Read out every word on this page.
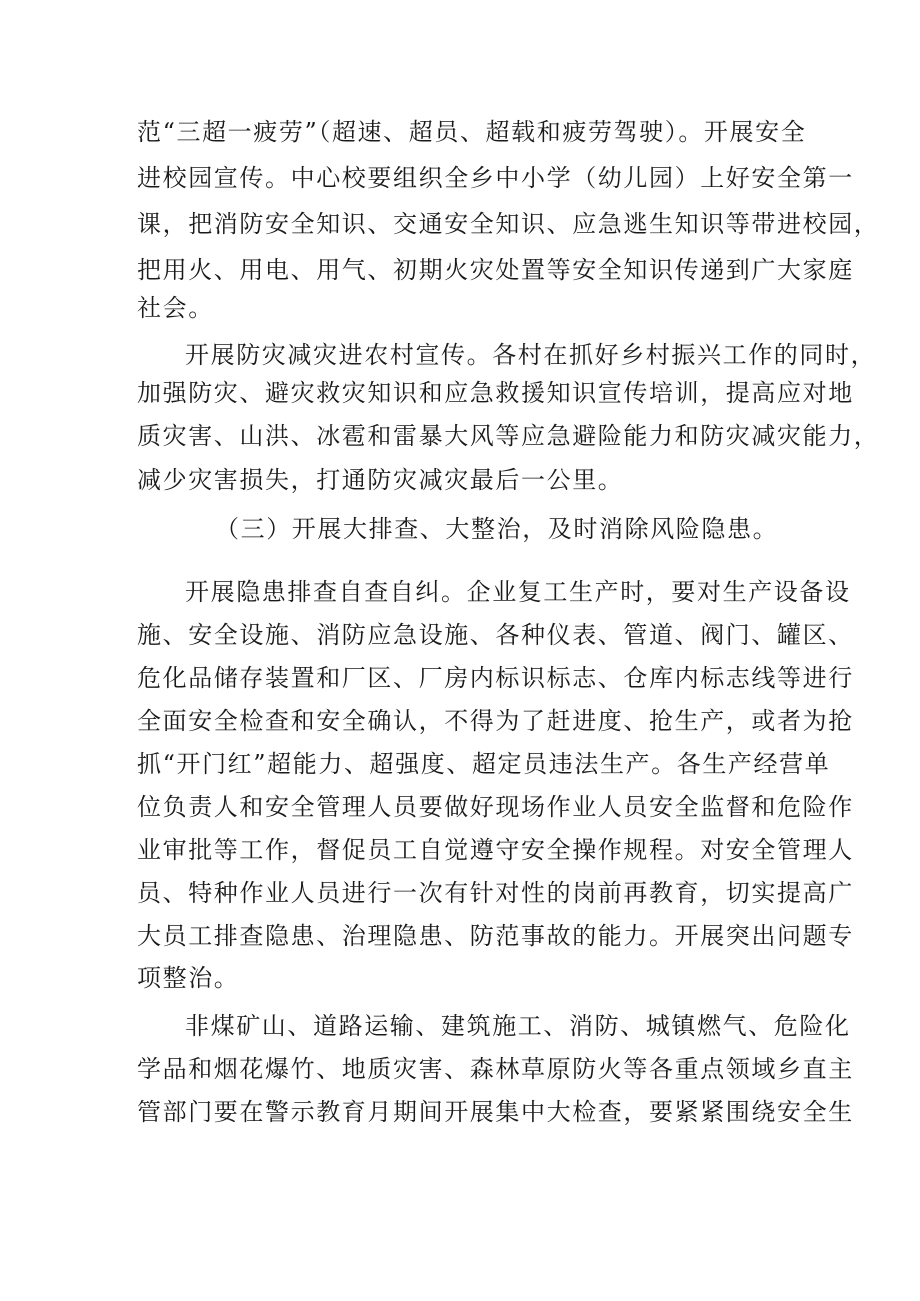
范“三超一疲劳”（超速、超员、超载和疲劳驾驶）。开展安全
进校园宣传。中心校要组织全乡中小学（幼儿园）上好安全第一
课，把消防安全知识、交通安全知识、应急逃生知识等带进校园，
把用火、用电、用气、初期火灾处置等安全知识传递到广大家庭
社会。
开展防灾减灾进农村宣传。各村在抓好乡村振兴工作的同时，
加强防灾、避灾救灾知识和应急救援知识宣传培训，提高应对地
质灾害、山洪、冰雹和雷暴大风等应急避险能力和防灾减灾能力，
减少灾害损失，打通防灾减灾最后一公里。
（三）开展大排查、大整治，及时消除风险隐患。
开展隐患排查自查自纠。企业复工生产时，要对生产设备设
施、安全设施、消防应急设施、各种仪表、管道、阀门、罐区、
危化品储存装置和厂区、厂房内标识标志、仓库内标志线等进行
全面安全检查和安全确认，不得为了赶进度、抢生产，或者为抢
抓“开门红”超能力、超强度、超定员违法生产。各生产经营单
位负责人和安全管理人员要做好现场作业人员安全监督和危险作
业审批等工作，督促员工自觉遵守安全操作规程。对安全管理人
员、特种作业人员进行一次有针对性的岗前再教育，切实提高广
大员工排查隐患、治理隐患、防范事故的能力。开展突出问题专
项整治。
非煤矿山、道路运输、建筑施工、消防、城镇燃气、危险化
学品和烟花爆竹、地质灾害、森林草原防火等各重点领域乡直主
管部门要在警示教育月期间开展集中大检查，要紧紧围绕安全生
